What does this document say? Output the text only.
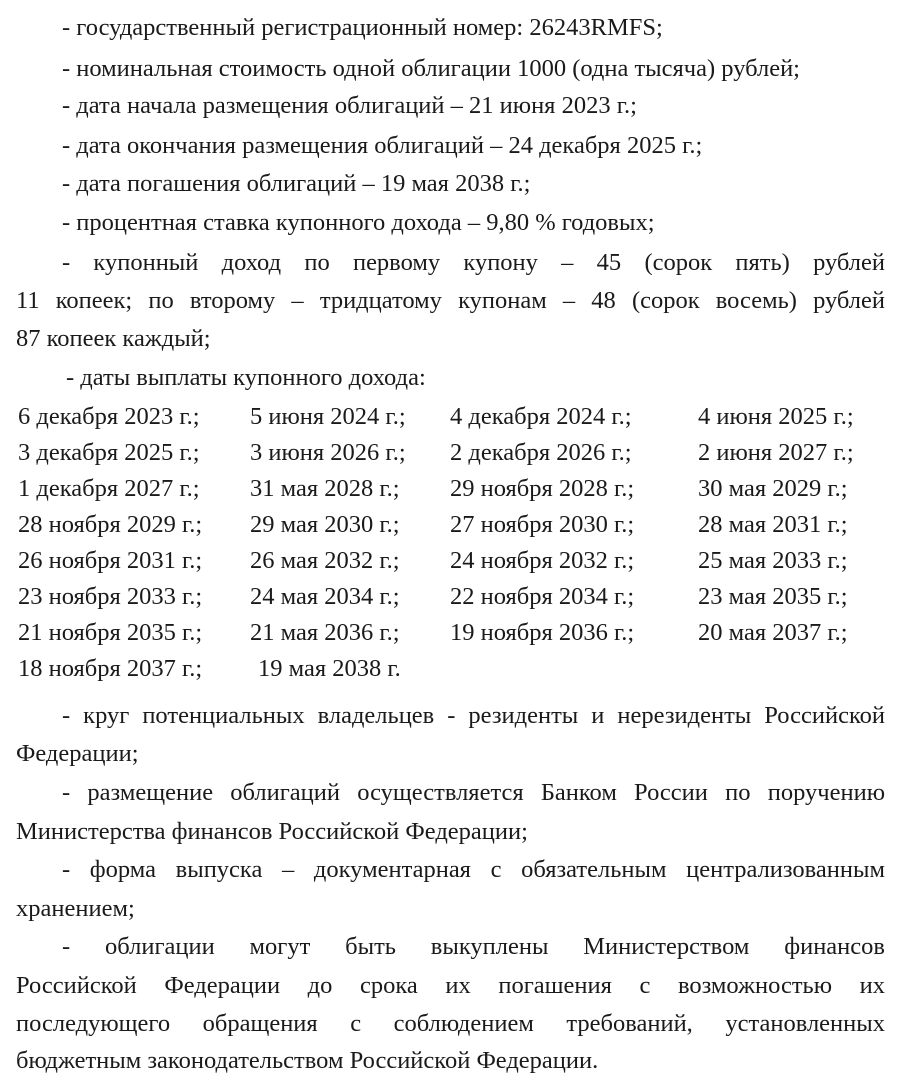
- государственный регистрационный номер: 26243RMFS;
- номинальная стоимость одной облигации 1000 (одна тысяча) рублей;
- дата начала размещения облигаций – 21 июня 2023 г.;
- дата окончания размещения облигаций – 24 декабря 2025 г.;
- дата погашения облигаций – 19 мая 2038 г.;
- процентная ставка купонного дохода – 9,80 % годовых;
- купонный доход по первому купону – 45 (сорок пять) рублей
11 копеек; по второму – тридцатому купонам – 48 (сорок восемь) рублей
87 копеек каждый;
- даты выплаты купонного дохода:
6 декабря 2023 г.; 5 июня 2024 г.; 4 декабря 2024 г.;	4 июня 2025 г.;
3 декабря 2025 г.; 3 июня 2026 г.; 2 декабря 2026 г.;	2 июня 2027 г.;
1 декабря 2027 г.; 31 мая 2028 г.; 29 ноября 2028 г.;	30 мая 2029 г.;
28 ноября 2029 г.; 29 мая 2030 г.; 27 ноября 2030 г.;	28 мая 2031 г.;
26 ноября 2031 г.; 26 мая 2032 г.; 24 ноября 2032 г.;	25 мая 2033 г.;
23 ноября 2033 г.; 24 мая 2034 г.; 22 ноября 2034 г.;	23 мая 2035 г.;
21 ноября 2035 г.; 21 мая 2036 г.; 19 ноября 2036 г.;	20 мая 2037 г.;
18 ноября 2037 г.; 19 мая 2038 г.
- круг потенциальных владельцев - резиденты и нерезиденты Российской
Федерации;
- размещение облигаций осуществляется Банком России по поручению
Министерства финансов Российской Федерации;
- форма выпуска – документарная с обязательным централизованным
хранением;
- облигации могут быть выкуплены Министерством финансов
Российской Федерации до срока их погашения с возможностью их
последующего обращения с соблюдением требований, установленных
бюджетным законодательством Российской Федерации.
